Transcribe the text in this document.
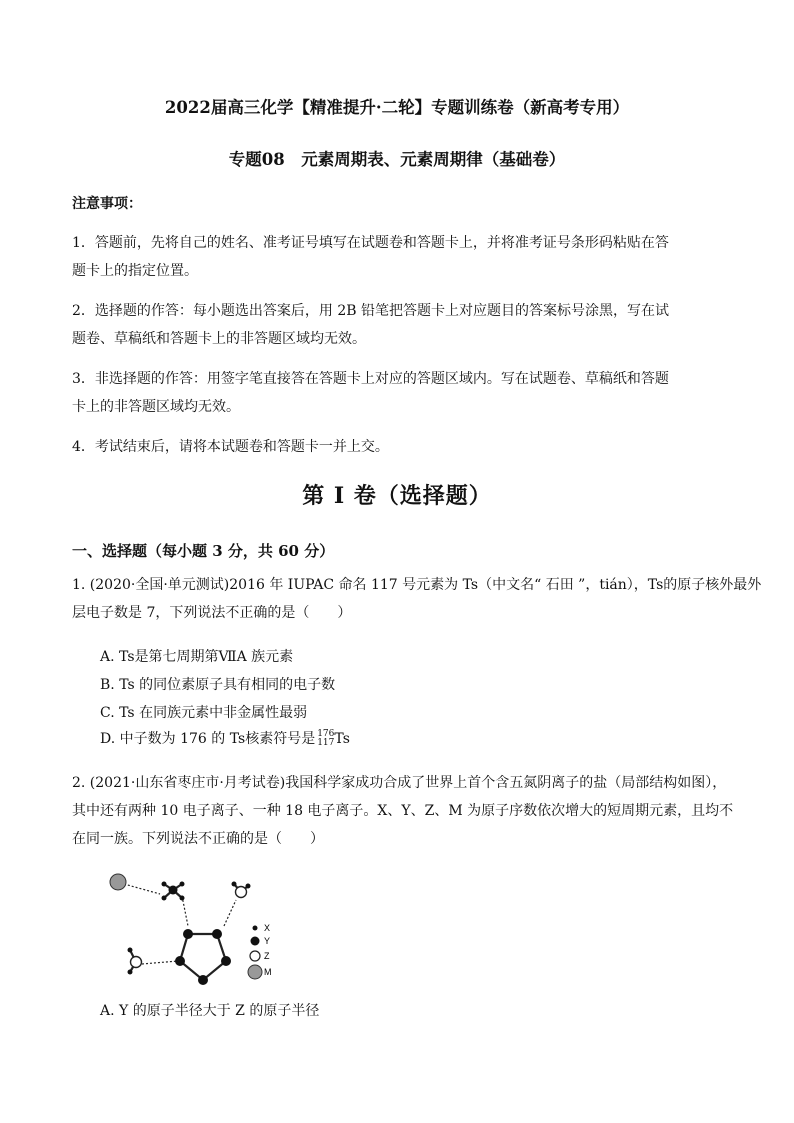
2022届高三化学【精准提升·二轮】专题训练卷（新高考专用）
专题08　元素周期表、元素周期律（基础卷）
注意事项：
1．答题前，先将自己的姓名、准考证号填写在试题卷和答题卡上，并将准考证号条形码粘贴在答
题卡上的指定位置。
2．选择题的作答：每小题选出答案后，用 2B 铅笔把答题卡上对应题目的答案标号涂黑，写在试
题卷、草稿纸和答题卡上的非答题区域均无效。
3．非选择题的作答：用签字笔直接答在答题卡上对应的答题区域内。写在试题卷、草稿纸和答题
卡上的非答题区域均无效。
4．考试结束后，请将本试题卷和答题卡一并上交。
第 I 卷（选择题）
一、选择题（每小题 3 分，共 60 分）
1. (2020·全国·单元测试)2016 年 IUPAC 命名 117 号元素为 Ts（中文名“ 石田 ”，tián），Ts的原子核外最外
层电子数是 7，下列说法不正确的是（　　）
A. Ts是第七周期第ⅦA 族元素
B. Ts 的同位素原子具有相同的电子数
C. Ts 在同族元素中非金属性最弱
D. 中子数为 176 的 Ts核素符号是 176
117 Ts
2. (2021·山东省枣庄市·月考试卷)我国科学家成功合成了世界上首个含五氮阴离子的盐（局部结构如图），
其中还有两种 10 电子离子、一种 18 电子离子。X、Y、Z、M 为原子序数依次增大的短周期元素，且均不
在同一族。下列说法不正确的是（　　）
X
Y
Z
M
A. Y 的原子半径大于 Z 的原子半径
